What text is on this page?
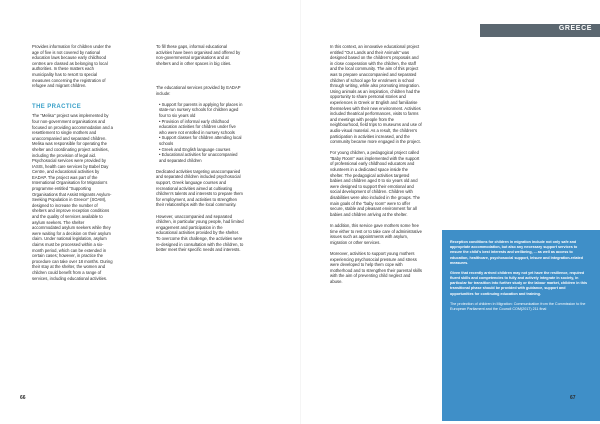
GREECE

Provides information for children under the age of five is not covered by national education laws because early childhood centres are classed as belonging to local authorities. In these matters each municipality has to resort to special measures concerning the registration of refugee and migrant children.

THE PRACTICE

The "Melisa" project was implemented by four non-government organisations and focused on providing accommodation and a resettlement to single mothers and unaccompanied and separated children. Melisa was responsible for operating the shelter and coordinating project activities, including the provision of legal aid. Psychosocial services were provided by IASIS, health care services by Babel Day Centre, and educational activities by EADAP. The project was part of the International Organisation for Migration's programme entitled "Supporting Organisations that Assist Migrants Asylum-Seeking Population in Greece" (SOAM), designed to increase the number of shelters and improve reception conditions and the quality of services available to asylum seekers. The shelter accommodated asylum seekers while they were waiting for a decision on their asylum claim. Under national legislation, asylum claims must be processed within a six-month period, which can be extended in certain cases; however, in practice the procedure can take over 18 months. During their stay at the shelter, the women and children could benefit from a range of services, including educational activities.

To fill these gaps, informal educational activities have been organised and offered by non-governmental organisations and at shelters and in other spaces in big cities.

The educational services provided by EADAP include:

• Support for parents in applying for places in state-run nursery schools for children aged four to six years old
• Provision of informal early childhood education activities for children under five who were not enrolled in nursery schools
• Support classes for children attending local schools
• Greek and English language courses
• Educational activities for unaccompanied and separated children

Dedicated activities targeting unaccompanied and separated children included psychosocial support, Greek language courses and recreational activities aimed at cultivating children's talents and interests to prepare them for employment, and activities to strengthen their relationships with the local community.

However, unaccompanied and separated children, in particular young people, had limited engagement and participation in the educational activities provided by the shelter. To overcome this challenge, the activities were re-designed in consultation with the children, to better meet their specific needs and interests.

In this context, an innovative educational project entitled "Our Lands and their Animals" was designed based on the children's proposals and in close cooperation with the children, the staff and the local community. The aim of this project was to prepare unaccompanied and separated children of school age for enrolment in school through writing, while also promoting integration. Using animals as an inspiration, children had the opportunity to share personal stories and experiences in Greek or English and familiarise themselves with their new environment. Activities included theatrical performances, visits to farms and meetings with people from the neighbourhood, field trips to museums and use of audio-visual material. As a result, the children's participation in activities increased, and the community became more engaged in the project.

For young children, a pedagogical project called "Baby Room" was implemented with the support of professional early childhood educators and volunteers in a dedicated space inside the shelter. The pedagogical activities targeted babies and children aged 0 to six years old and were designed to support their emotional and social development of children. Children with disabilities were also included in the groups. The main goals of the "baby room" were to offer secure, stable and pleasant environment for all babies and children arriving at the shelter.

In addition, this service gave mothers some free time either to rest or to take care of administrative issues such as appointments with asylum, migration or other services.

Moreover, activities to support young mothers experiencing psychosocial pressure and stress were developed to help them cope with motherhood and to strengthen their parental skills with the aim of preventing child neglect and abuse.

Reception conditions for children in migration include not only safe and appropriate accommodation, but also any necessary support services to ensure the child's best interests and wellbeing, ... as well as access to education, healthcare, psychosocial support, leisure and integration-related measures.

Given that recently arrived children may not yet have the resilience, required fluent skills and competencies to fully and actively integrate in society, in particular for transition into further study or the labour market, children in this transitional phase should be provided with guidance, support and opportunities for continuing education and training.

The protection of children in Migration: Communication from the Commission to the European Parliament and the Council COM(2017) 211 final

66	67
